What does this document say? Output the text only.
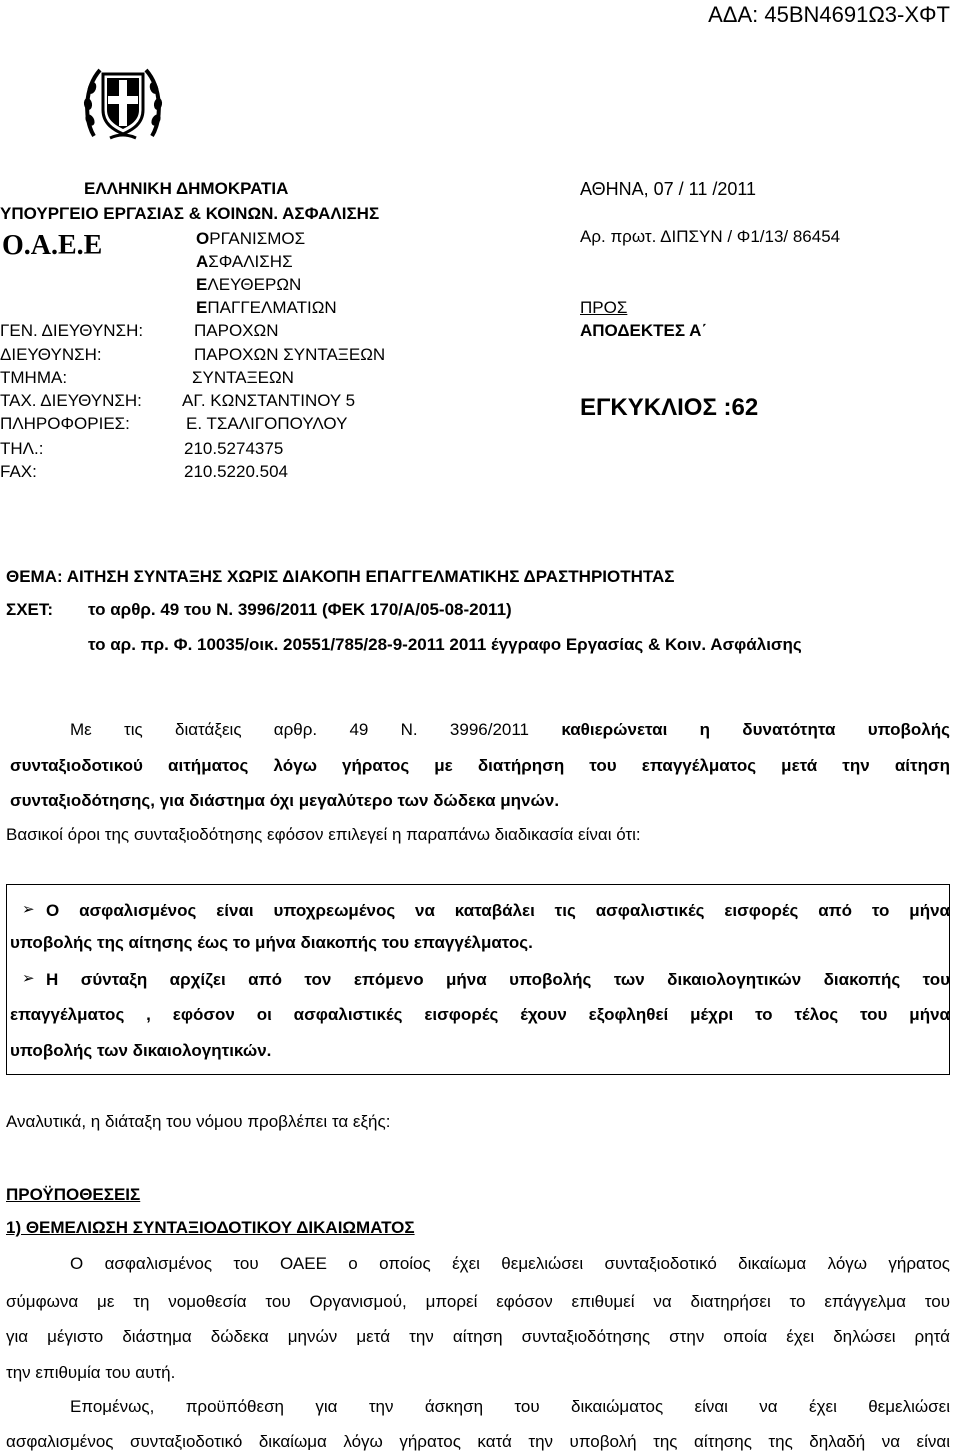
ΑΔΑ: 45ΒΝ4691Ω3-ΧΦΤ
ΕΛΛΗΝΙΚΗ ΔΗΜΟΚΡΑΤΙΑ
ΥΠΟΥΡΓΕΙΟ ΕΡΓΑΣΙΑΣ & ΚΟΙΝΩΝ. ΑΣΦΑΛΙΣΗΣ
Ο.Α.Ε.Ε	ΟΡΓΑΝΙΣΜΟΣ
ΑΣΦΑΛΙΣΗΣ
ΕΛΕΥΘΕΡΩΝ
ΕΠΑΓΓΕΛΜΑΤΙΩΝ
ΓΕΝ. ΔΙΕΥΘΥΝΣΗ:	ΠΑΡΟΧΩΝ
ΔΙΕΥΘΥΝΣΗ:	ΠΑΡΟΧΩΝ ΣΥΝΤΑΞΕΩΝ
ΤΜΗΜΑ:	ΣΥΝΤΑΞΕΩΝ
ΤΑΧ. ΔΙΕΥΘΥΝΣΗ: ΑΓ. ΚΩΝΣΤΑΝΤΙΝΟΥ 5
ΠΛΗΡΟΦΟΡΙΕΣ:	Ε. ΤΣΑΛΙΓΟΠΟΥΛΟΥ
ΤΗΛ.:	210.5274375
FAX:	210.5220.504
ΑΘΗΝΑ, 07 / 11 /2011
Αρ. πρωτ. ΔΙΠΣΥΝ / Φ1/13/ 86454
ΠΡΟΣ
ΑΠΟΔΕΚΤΕΣ Α΄
ΕΓΚΥΚΛΙΟΣ :62
ΘΕΜΑ: ΑΙΤΗΣΗ ΣΥΝΤΑΞΗΣ ΧΩΡΙΣ ΔΙΑΚΟΠΗ ΕΠΑΓΓΕΛΜΑΤΙΚΗΣ ΔΡΑΣΤΗΡΙΟΤΗΤΑΣ
ΣΧΕΤ: το αρθρ. 49 του Ν. 3996/2011 (ΦΕΚ 170/Α/05-08-2011)
το αρ. πρ. Φ. 10035/οικ. 20551/785/28-9-2011 2011 έγγραφο Εργασίας & Κοιν. Ασφάλισης
Με τις διατάξεις αρθρ. 49 Ν. 3996/2011 καθιερώνεται η δυνατότητα υποβολής
συνταξιοδοτικού αιτήματος λόγω γήρατος με διατήρηση του επαγγέλματος μετά την αίτηση
συνταξιοδότησης, για διάστημα όχι μεγαλύτερο των δώδεκα μηνών.
Βασικοί όροι της συνταξιοδότησης εφόσον επιλεγεί η παραπάνω διαδικασία είναι ότι:
➢ Ο ασφαλισμένος είναι υποχρεωμένος να καταβάλει τις ασφαλιστικές εισφορές από το μήνα
υποβολής της αίτησης έως το μήνα διακοπής του επαγγέλματος.
➢ Η σύνταξη αρχίζει από τον επόμενο μήνα υποβολής των δικαιολογητικών διακοπής του
επαγγέλματος , εφόσον οι ασφαλιστικές εισφορές έχουν εξοφληθεί μέχρι το τέλος του μήνα
υποβολής των δικαιολογητικών.
Αναλυτικά, η διάταξη του νόμου προβλέπει τα εξής:
ΠΡΟΫΠΟΘΕΣΕΙΣ
1) ΘΕΜΕΛΙΩΣΗ ΣΥΝΤΑΞΙΟΔΟΤΙΚΟΥ ΔΙΚΑΙΩΜΑΤΟΣ
Ο ασφαλισμένος του ΟΑΕΕ ο οποίος έχει θεμελιώσει συνταξιοδοτικό δικαίωμα λόγω γήρατος
σύμφωνα με τη νομοθεσία του Οργανισμού, μπορεί εφόσον επιθυμεί να διατηρήσει το επάγγελμα του
για μέγιστο διάστημα δώδεκα μηνών μετά την αίτηση συνταξιοδότησης στην οποία έχει δηλώσει ρητά
την επιθυμία του αυτή.
Επομένως, προϋπόθεση για την άσκηση του δικαιώματος είναι να έχει θεμελιώσει
ασφαλισμένος συνταξιοδοτικό δικαίωμα λόγω γήρατος κατά την υποβολή της αίτησης της δηλαδή να είναι
